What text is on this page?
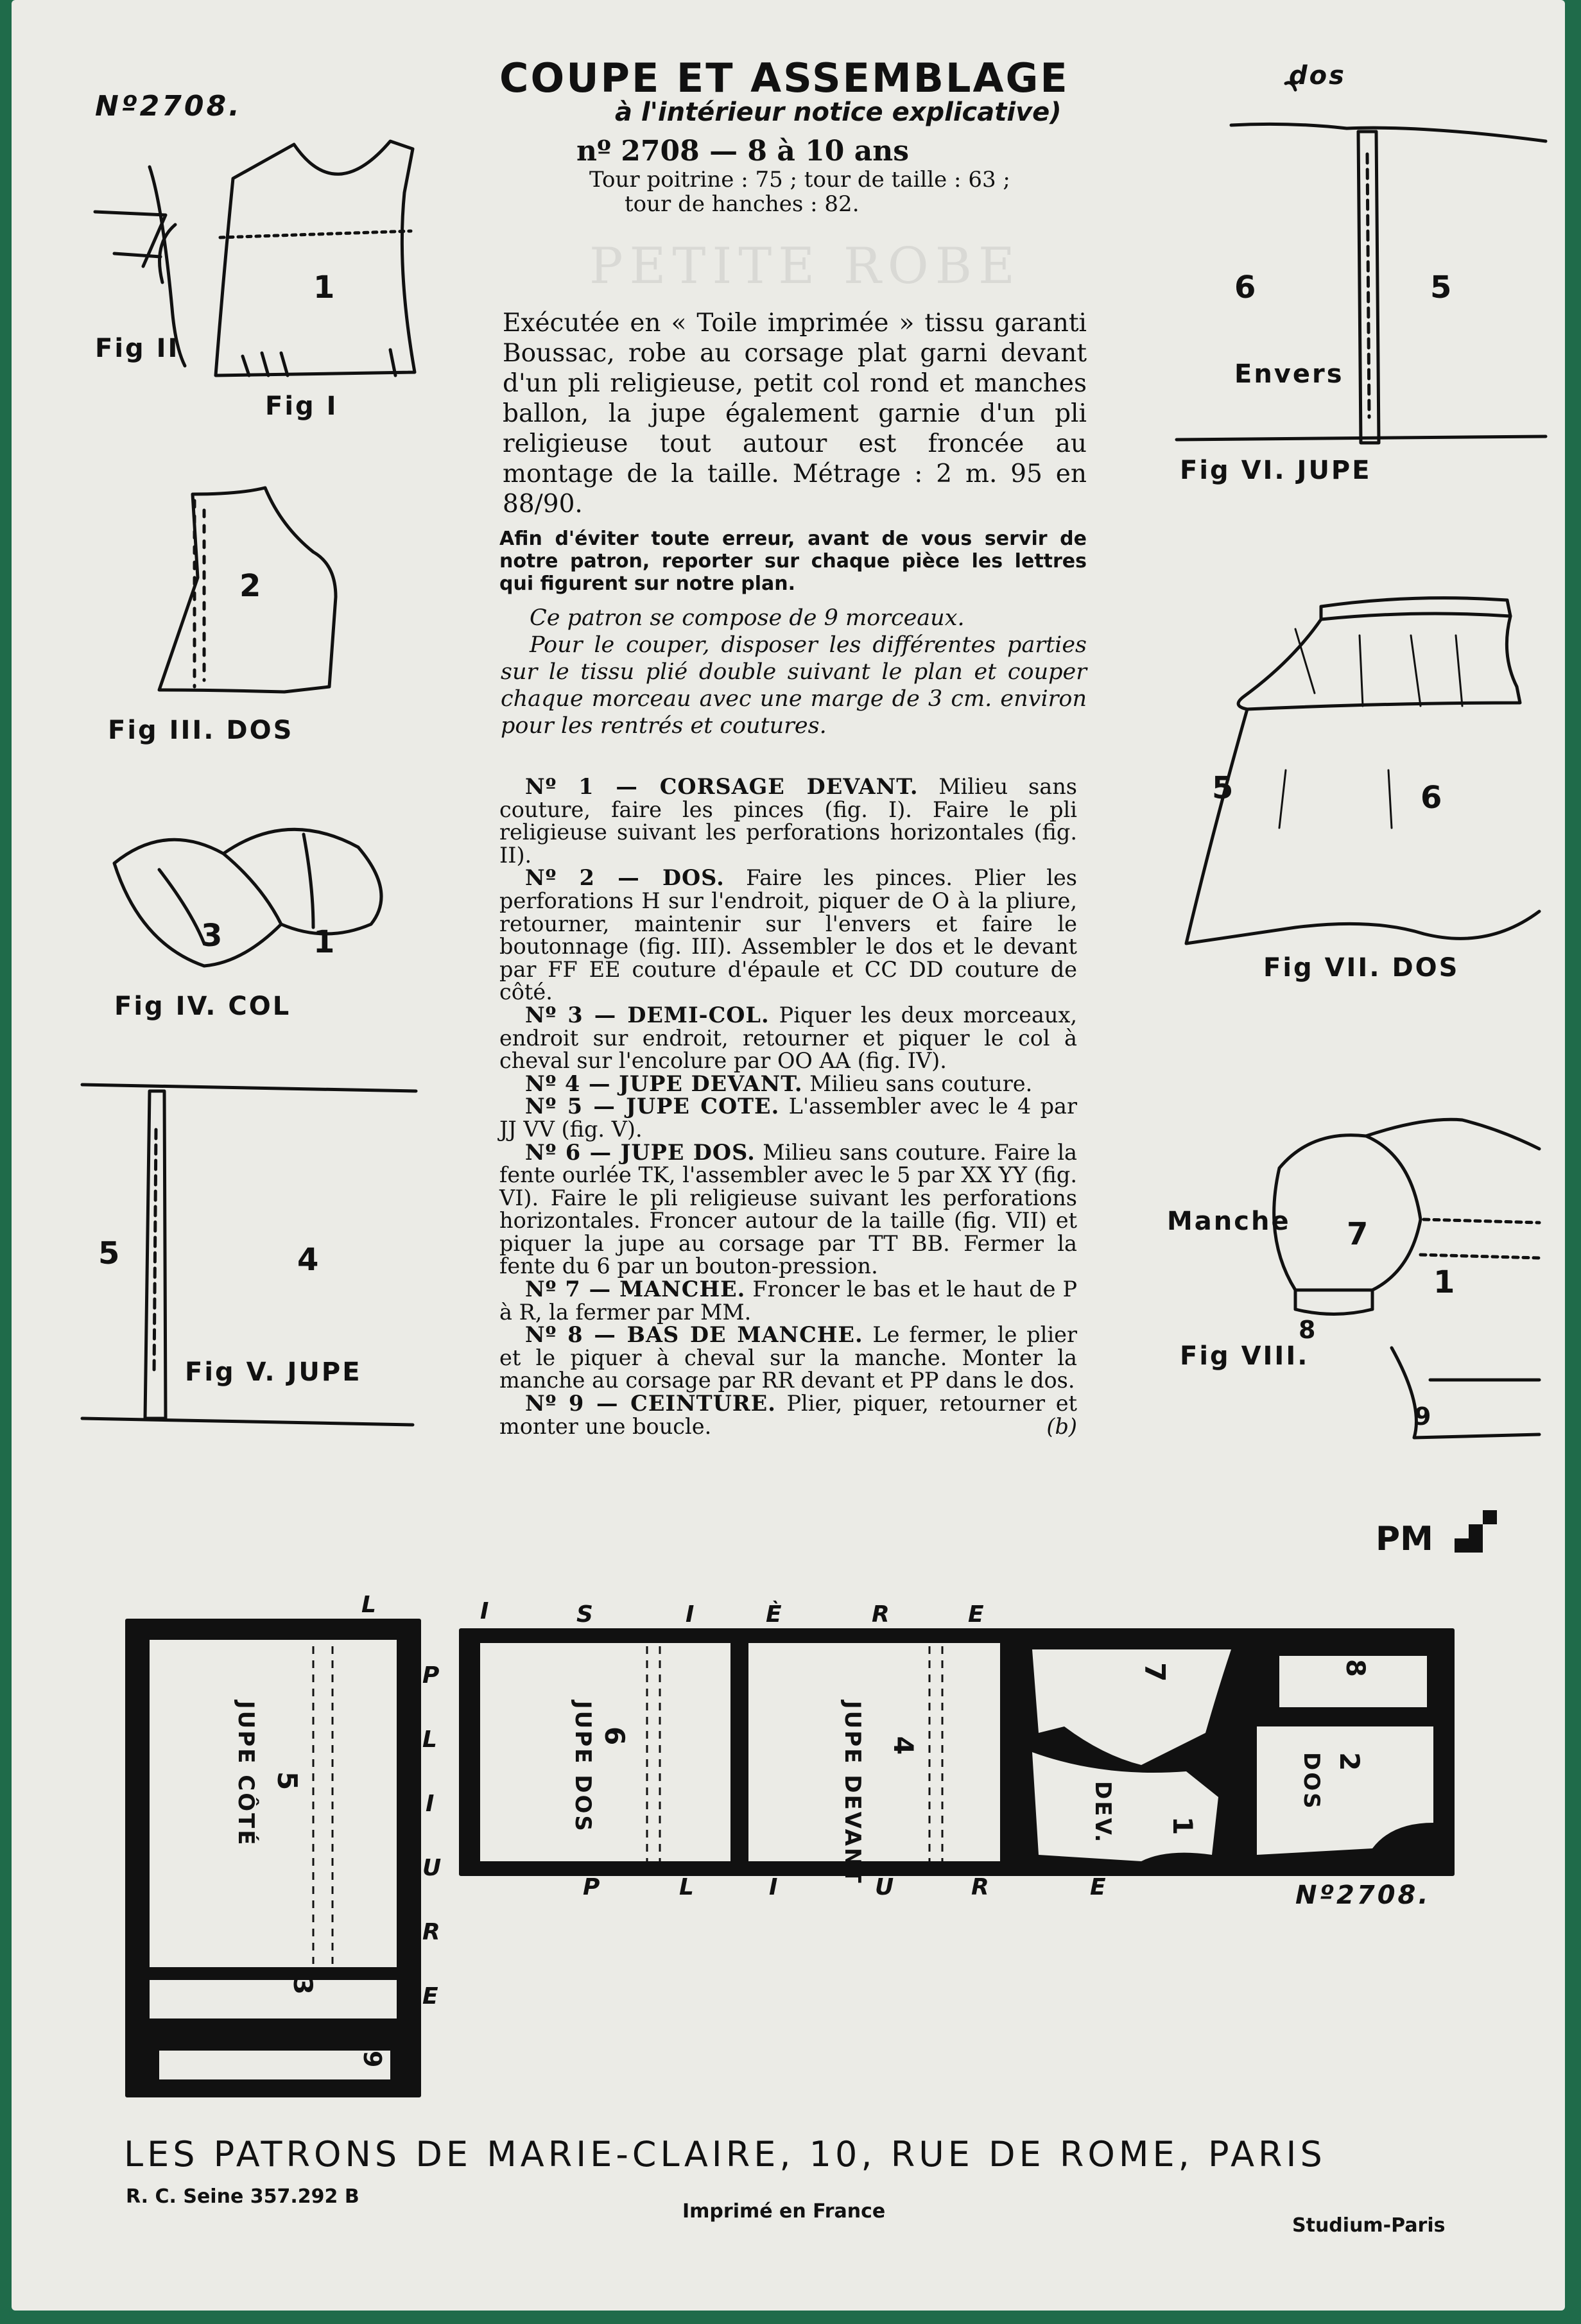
Nº2708.
COUPE ET ASSEMBLAGE
à l'intérieur notice explicative)
nº 2708 — 8 à 10 ans
Tour poitrine : 75 ; tour de taille : 63 ;
tour de hanches : 82.
PETITE ROBE
Exécutée en « Toile imprimée » tissu garanti Boussac, robe au corsage plat garni devant d'un pli religieuse, petit col rond et manches ballon, la jupe également garnie d'un pli religieuse tout autour est froncée au montage de la taille. Métrage : 2 m. 95 en 88/90.
Afin d'éviter toute erreur, avant de vous servir de notre patron, reporter sur chaque pièce les lettres qui figurent sur notre plan.

Ce patron se compose de 9 morceaux.

Pour le couper, disposer les différentes parties sur le tissu plié double suivant le plan et couper chaque morceau avec une marge de 3 cm. environ pour les rentrés et coutures.

Nº 1 — CORSAGE DEVANT. Milieu sans couture, faire les pinces (fig. I). Faire le pli religieuse suivant les perforations horizontales (fig. II).

Nº 2 — DOS. Faire les pinces. Plier les perforations H sur l'endroit, piquer de O à la pliure, retourner, maintenir sur l'envers et faire le boutonnage (fig. III). Assembler le dos et le devant par FF EE couture d'épaule et CC DD couture de côté.

Nº 3 — DEMI-COL. Piquer les deux morceaux, endroit sur endroit, retourner et piquer le col à cheval sur l'encolure par OO AA (fig. IV).

Nº 4 — JUPE DEVANT. Milieu sans couture.

Nº 5 — JUPE COTE. L'assembler avec le 4 par JJ VV (fig. V).

Nº 6 — JUPE DOS. Milieu sans couture. Faire la fente ourlée TK, l'assembler avec le 5 par XX YY (fig. VI). Faire le pli religieuse suivant les perforations horizontales. Froncer autour de la taille (fig. VII) et piquer la jupe au corsage par TT BB. Fermer la fente du 6 par un bouton-pression.

Nº 7 — MANCHE. Froncer le bas et le haut de P à R, la fermer par MM.

Nº 8 — BAS DE MANCHE. Le fermer, le plier et le piquer à cheval sur la manche. Monter la manche au corsage par RR devant et PP dans le dos.

Nº 9 — CEINTURE. Plier, piquer, retourner et monter une boucle.	(b)

Fig II
Fig I
1
2
Fig III. DOS
3	1
Fig IV. COL
5	4
Fig V. JUPE
dos
6	5
Envers
Fig VI. JUPE
5	6
Fig VII. DOS
Manche 7
1
8
Fig VIII.
9
PM
L	I	S	I	È	R	E
P	L	I	U	R	E
P
L
I
U
R
E
JUPE CÔTÉ 5	JUPE DOS 6	JUPE DEVANT 4
7
DEV. 1
DOS 2
8
3
9
Nº2708.
LES PATRONS DE MARIE-CLAIRE, 10, RUE DE ROME, PARIS
R. C. Seine 357.292 B
Imprimé en France
Studium-Paris
